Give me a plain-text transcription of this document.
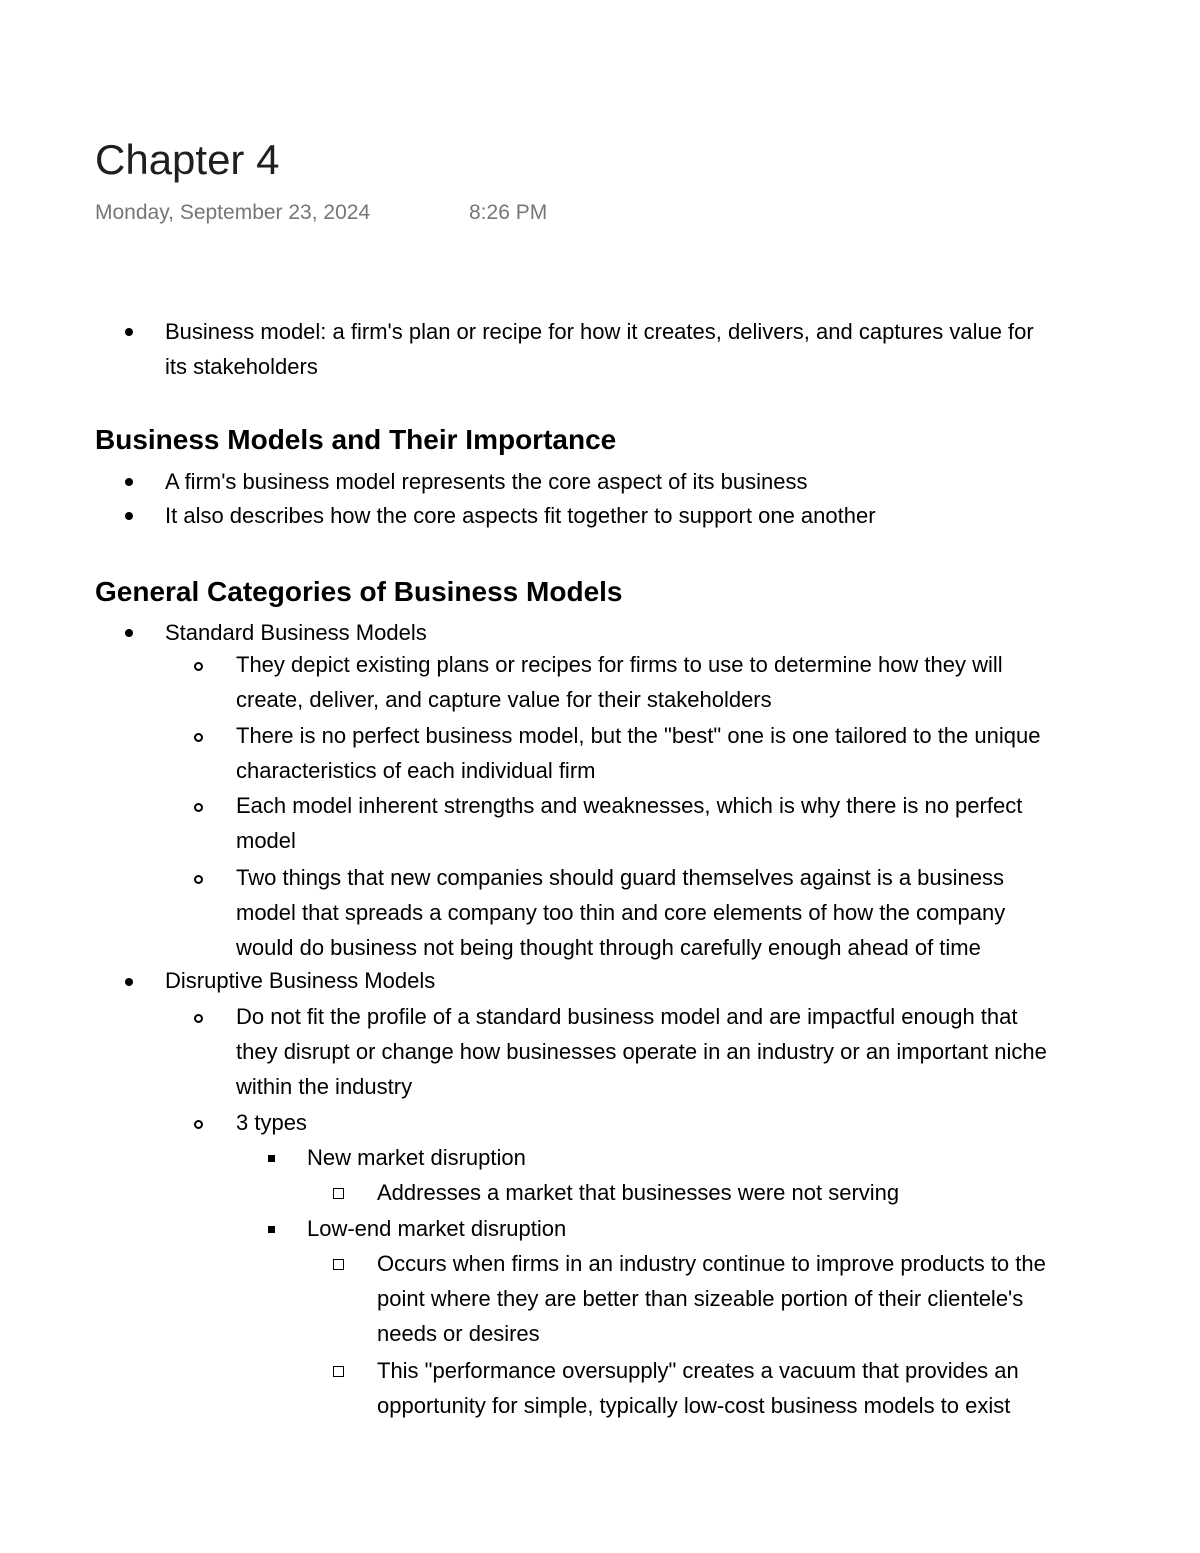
Chapter 4
Monday, September 23, 2024	8:26 PM
Business model: a firm's plan or recipe for how it creates, delivers, and captures value for
its stakeholders
Business Models and Their Importance
A firm's business model represents the core aspect of its business
It also describes how the core aspects fit together to support one another
General Categories of Business Models
Standard Business Models
They depict existing plans or recipes for firms to use to determine how they will
create, deliver, and capture value for their stakeholders
There is no perfect business model, but the "best" one is one tailored to the unique
characteristics of each individual firm
Each model inherent strengths and weaknesses, which is why there is no perfect
model
Two things that new companies should guard themselves against is a business
model that spreads a company too thin and core elements of how the company
would do business not being thought through carefully enough ahead of time
Disruptive Business Models
Do not fit the profile of a standard business model and are impactful enough that
they disrupt or change how businesses operate in an industry or an important niche
within the industry
3 types
New market disruption
Addresses a market that businesses were not serving
Low-end market disruption
Occurs when firms in an industry continue to improve products to the
point where they are better than sizeable portion of their clientele's
needs or desires
This "performance oversupply" creates a vacuum that provides an
opportunity for simple, typically low-cost business models to exist
